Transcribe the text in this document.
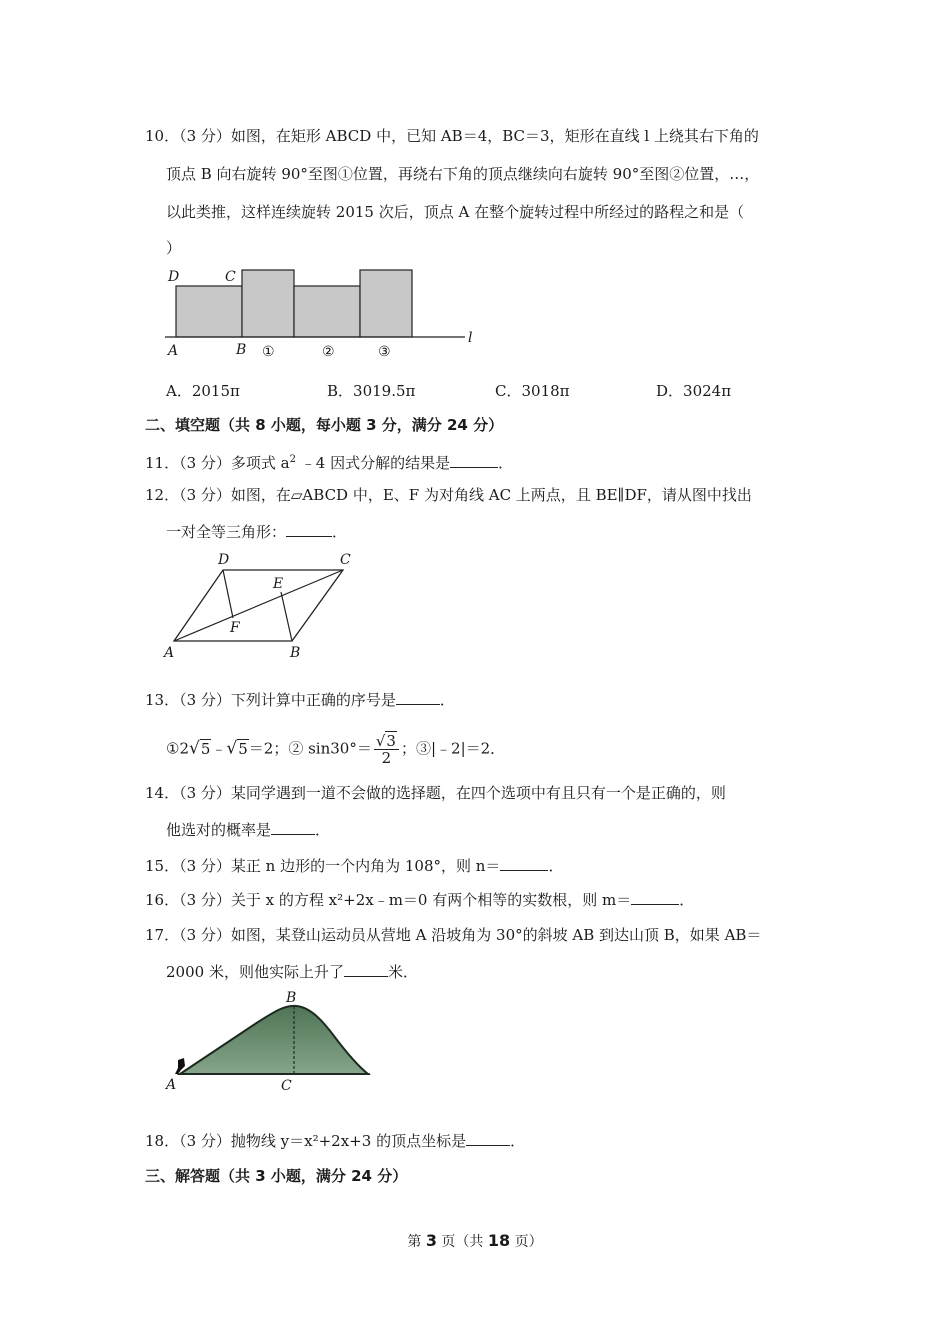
10．（3 分）如图，在矩形 ABCD 中，已知 AB＝4，BC＝3，矩形在直线 l 上绕其右下角的
顶点 B 向右旋转 90°至图①位置，再绕右下角的顶点继续向右旋转 90°至图②位置，…，
以此类推，这样连续旋转 2015 次后，顶点 A 在整个旋转过程中所经过的路程之和是（
）
D	C
A	B
l
①	②	③
A．2015π	B．3019.5π	C．3018π	D．3024π
二、填空题（共 8 小题，每小题 3 分，满分 24 分）
11．（3 分）多项式 $a^2$ ﹣4 因式分解的结果是	．
12．（3 分）如图，在▱ABCD 中，E、F 为对角线 AC 上两点，且 BE∥DF，请从图中找出
一对全等三角形：	．
D	C
E
F
A	B
13．（3 分）下列计算中正确的序号是	．
①2√5﹣√5＝2；② $\sin 30^\circ= \frac{√3}{2}$ ；③|﹣2|＝2．
14．（3 分）某同学遇到一道不会做的选择题，在四个选项中有且只有一个是正确的，则
他选对的概率是	．
15．（3 分）某正 n 边形的一个内角为 108°，则 n＝	．
16．（3 分）关于 x 的方程 x²+2x﹣m＝0 有两个相等的实数根，则 m＝	．
17．（3 分）如图，某登山运动员从营地 A 沿坡角为 30°的斜坡 AB 到达山顶 B，如果 AB＝
2000 米，则他实际上升了	米．
B
A	C
18．（3 分）抛物线 y＝x²+2x+3 的顶点坐标是	．
三、解答题（共 3 小题，满分 24 分）
第 3 页（共 18 页）
